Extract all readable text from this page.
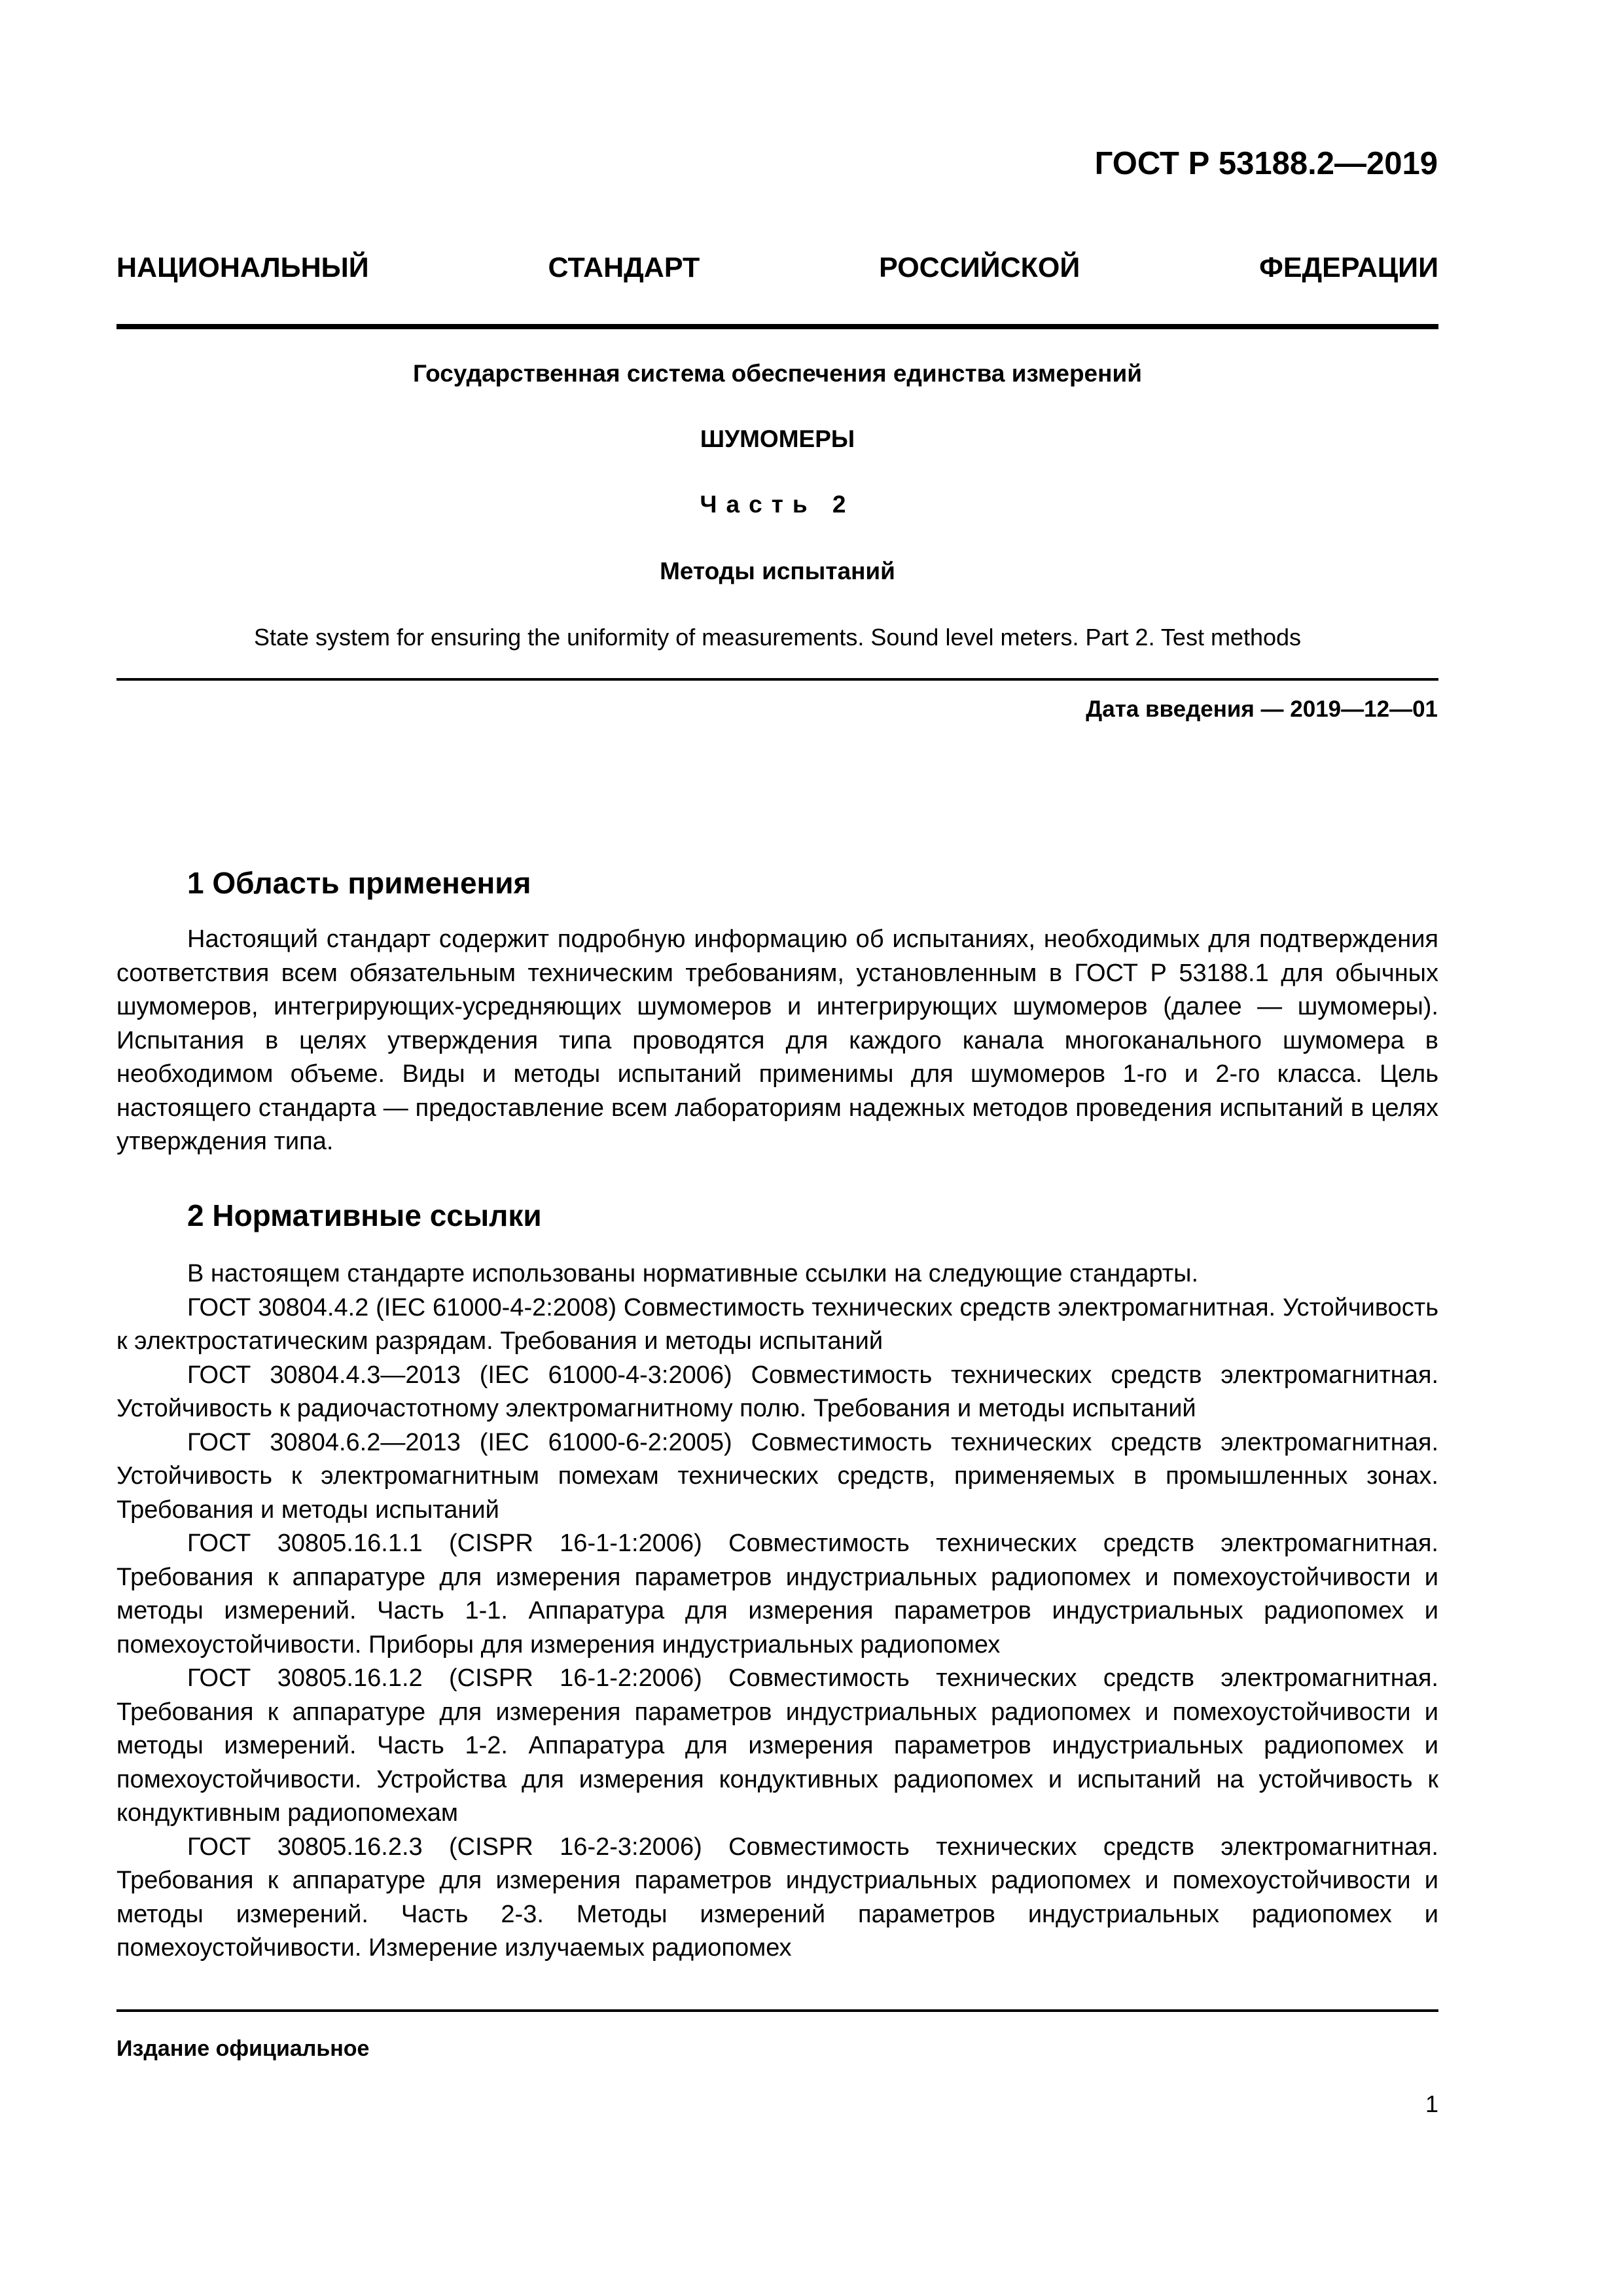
ГОСТ Р 53188.2—2019
НАЦИОНАЛЬНЫЙ	СТАНДАРТ	РОССИЙСКОЙ	ФЕДЕРАЦИИ
Государственная система обеспечения единства измерений
ШУМОМЕРЫ
Часть 2
Методы испытаний
State system for ensuring the uniformity of measurements. Sound level meters. Part 2. Test methods
Дата введения — 2019—12—01
1 Область применения

Настоящий стандарт содержит подробную информацию об испытаниях, необходимых для подтверждения соответствия всем обязательным техническим требованиям, установленным в ГОСТ Р 53188.1 для обычных шумомеров, интегрирующих-усредняющих шумомеров и интегрирующих шумомеров (далее — шумомеры). Испытания в целях утверждения типа проводятся для каждого канала многоканального шумомера в необходимом объеме. Виды и методы испытаний применимы для шумомеров 1-го и 2-го класса. Цель настоящего стандарта — предоставление всем лабораториям надежных методов проведения испытаний в целях утверждения типа.

2 Нормативные ссылки

В настоящем стандарте использованы нормативные ссылки на следующие стандарты.

ГОСТ 30804.4.2 (IEC 61000-4-2:2008) Совместимость технических средств электромагнитная. Устойчивость к электростатическим разрядам. Требования и методы испытаний

ГОСТ 30804.4.3—2013 (IEC 61000-4-3:2006) Совместимость технических средств электромагнитная. Устойчивость к радиочастотному электромагнитному полю. Требования и методы испытаний

ГОСТ 30804.6.2—2013 (IEC 61000-6-2:2005) Совместимость технических средств электромагнитная. Устойчивость к электромагнитным помехам технических средств, применяемых в промышленных зонах. Требования и методы испытаний

ГОСТ 30805.16.1.1 (CISPR 16-1-1:2006) Совместимость технических средств электромагнитная. Требования к аппаратуре для измерения параметров индустриальных радиопомех и помехоустойчивости и методы измерений. Часть 1-1. Аппаратура для измерения параметров индустриальных радиопомех и помехоустойчивости. Приборы для измерения индустриальных радиопомех

ГОСТ 30805.16.1.2 (CISPR 16-1-2:2006) Совместимость технических средств электромагнитная. Требования к аппаратуре для измерения параметров индустриальных радиопомех и помехоустойчивости и методы измерений. Часть 1-2. Аппаратура для измерения параметров индустриальных радиопомех и помехоустойчивости. Устройства для измерения кондуктивных радиопомех и испытаний на устойчивость к кондуктивным радиопомехам

ГОСТ 30805.16.2.3 (CISPR 16-2-3:2006) Совместимость технических средств электромагнитная. Требования к аппаратуре для измерения параметров индустриальных радиопомех и помехоустойчивости и методы измерений. Часть 2-3. Методы измерений параметров индустриальных радиопомех и помехоустойчивости. Измерение излучаемых радиопомех

Издание официальное
1
